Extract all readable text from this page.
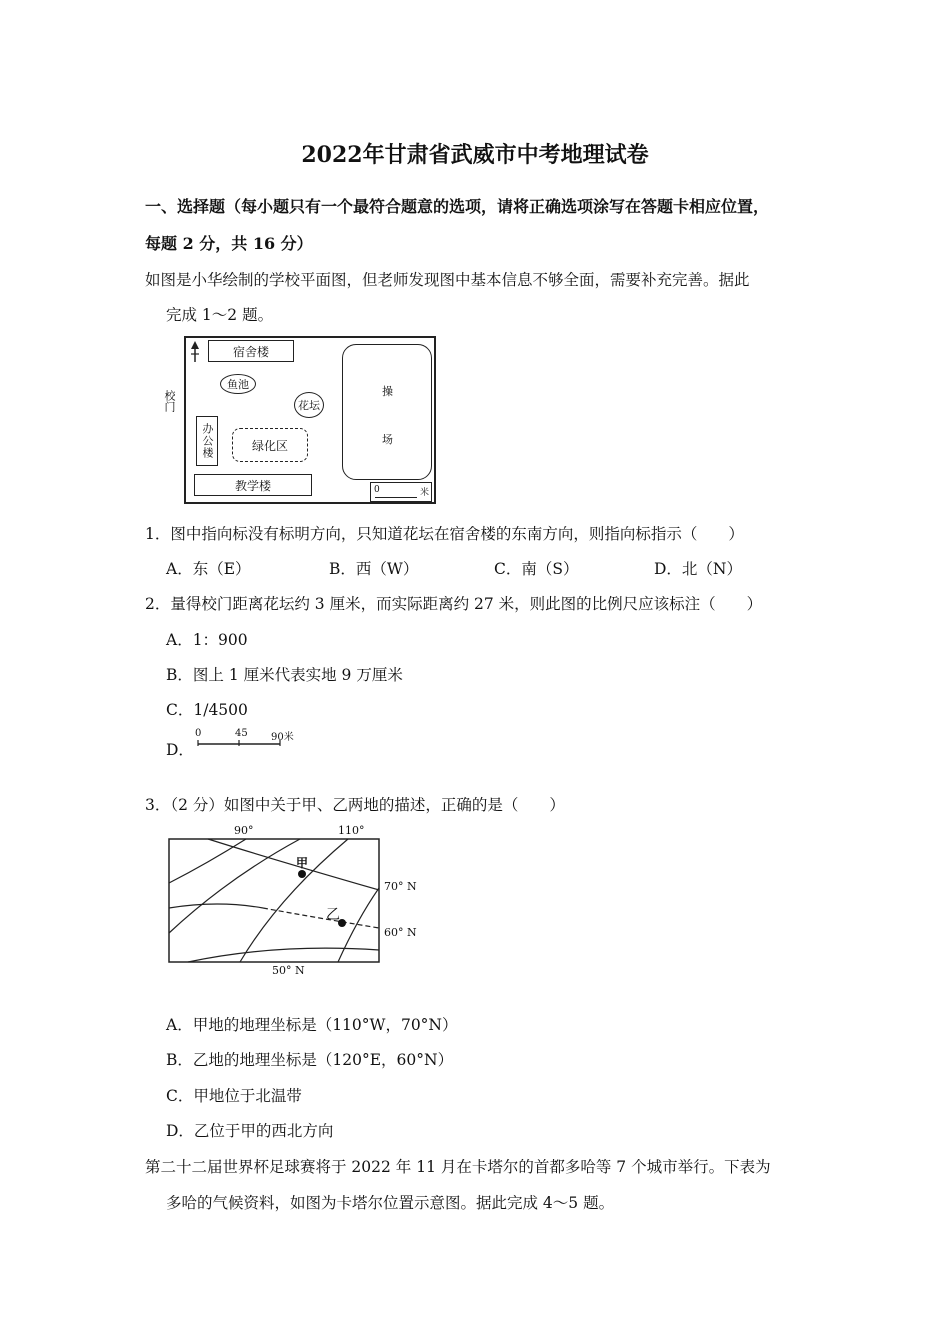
2022年甘肃省武威市中考地理试卷
一、选择题（每小题只有一个最符合题意的选项，请将正确选项涂写在答题卡相应位置，
每题 2 分，共 16 分）
如图是小华绘制的学校平面图，但老师发现图中基本信息不够全面，需要补充完善。据此
完成 1～2 题。
宿舍楼
鱼池
花坛
办公楼	绿化区
教学楼
操
场
校门
0	米
1．图中指向标没有标明方向，只知道花坛在宿舍楼的东南方向，则指向标指示（　　）
A．东（E）	B．西（W）	C．南（S）	D．北（N）
2．量得校门距离花坛约 3 厘米，而实际距离约 27 米，则此图的比例尺应该标注（　　）
A．1：900
B．图上 1 厘米代表实地 9 万厘米
C．1/4500
D．
0	45 90米
3．（2 分）如图中关于甲、乙两地的描述，正确的是（　　）
90°	110°
甲
乙
70° N
60° N
50° N
A．甲地的地理坐标是（110°W，70°N）
B．乙地的地理坐标是（120°E，60°N）
C．甲地位于北温带
D．乙位于甲的西北方向
第二十二届世界杯足球赛将于 2022 年 11 月在卡塔尔的首都多哈等 7 个城市举行。下表为
多哈的气候资料，如图为卡塔尔位置示意图。据此完成 4～5 题。
